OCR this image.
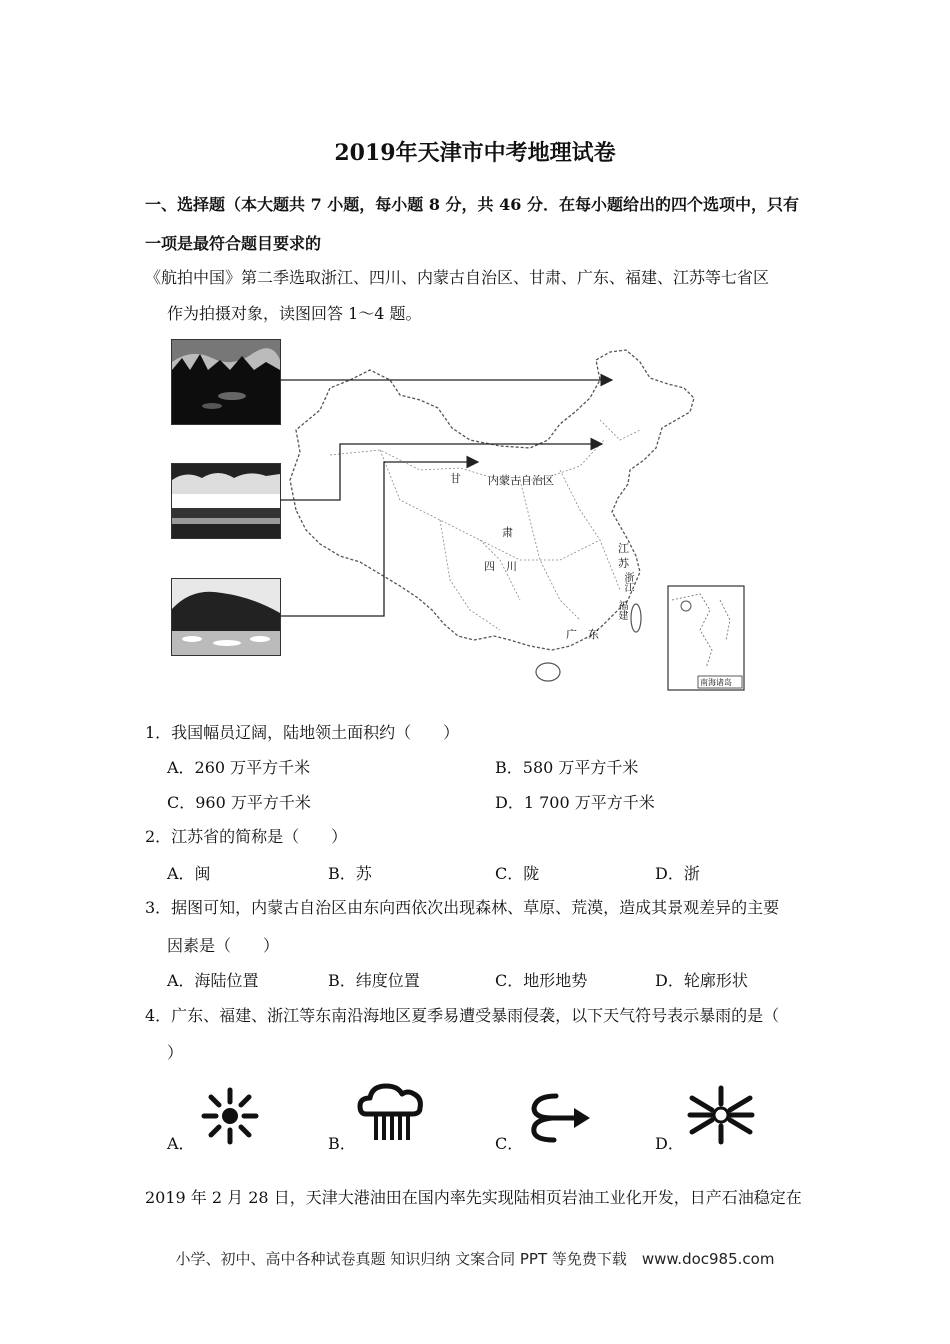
2019年天津市中考地理试卷
一、选择题（本大题共 7 小题，每小题 8 分，共 46 分．在每小题给出的四个选项中，只有
一项是最符合题目要求的
《航拍中国》第二季选取浙江、四川、内蒙古自治区、甘肃、广东、福建、江苏等七省区
作为拍摄对象，读图回答 1～4 题。
甘 内蒙古自治区
肃
四　川
江
苏
浙江
福建
广　东
南海诸岛
1．我国幅员辽阔，陆地领土面积约（　　）
A．260 万平方千米	B．580 万平方千米
C．960 万平方千米	D．1 700 万平方千米
2．江苏省的简称是（　　）
A．闽	B．苏	C．陇	D．浙
3．据图可知，内蒙古自治区由东向西依次出现森林、草原、荒漠，造成其景观差异的主要
因素是（　　）
A．海陆位置	B．纬度位置	C．地形地势	D．轮廓形状
4．广东、福建、浙江等东南沿海地区夏季易遭受暴雨侵袭，以下天气符号表示暴雨的是（
）
A．	B．	C．	D．
2019 年 2 月 28 日，天津大港油田在国内率先实现陆相页岩油工业化开发，日产石油稳定在
小学、初中、高中各种试卷真题 知识归纳 文案合同 PPT 等免费下载　www.doc985.com
